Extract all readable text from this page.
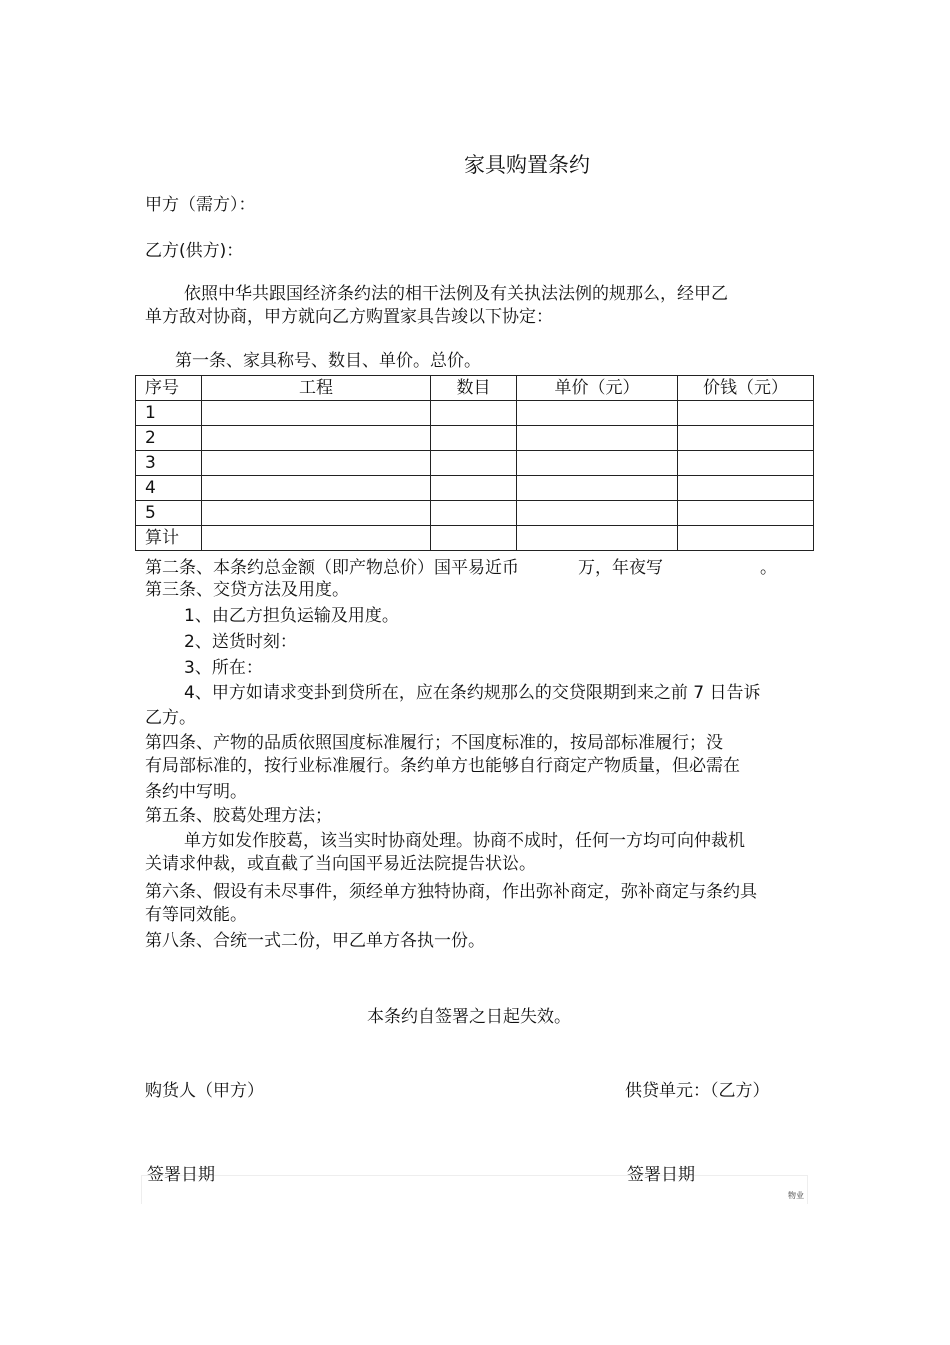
家具购置条约
甲方（需方）：
乙方(供方)：
依照中华共跟国经济条约法的相干法例及有关执法法例的规那么，经甲乙
单方敌对协商，甲方就向乙方购置家具告竣以下协定：
第一条、家具称号、数目、单价。总价。
序号	工程	数目	单价（元）	价钱（元）
1				
2				
3				
4				
5				
算计				
第二条、本条约总金额（即产物总价）国平易近币	万，年夜写	。
第三条、交贷方法及用度。
1、由乙方担负运输及用度。
2、送货时刻：
3、所在：
4、甲方如请求变卦到贷所在，应在条约规那么的交贷限期到来之前 7 日告诉
乙方。
第四条、产物的品质依照国度标准履行；不国度标准的，按局部标准履行；没
有局部标准的，按行业标准履行。条约单方也能够自行商定产物质量，但必需在
条约中写明。
第五条、胶葛处理方法；
单方如发作胶葛，该当实时协商处理。协商不成时，任何一方均可向仲裁机
关请求仲裁，或直截了当向国平易近法院提告状讼。
第六条、假设有未尽事件，须经单方独特协商，作出弥补商定，弥补商定与条约具
有等同效能。
第八条、合统一式二份，甲乙单方各执一份。
本条约自签署之日起失效。
购货人（甲方）	供贷单元：（乙方）
签署日期	签署日期
物业
